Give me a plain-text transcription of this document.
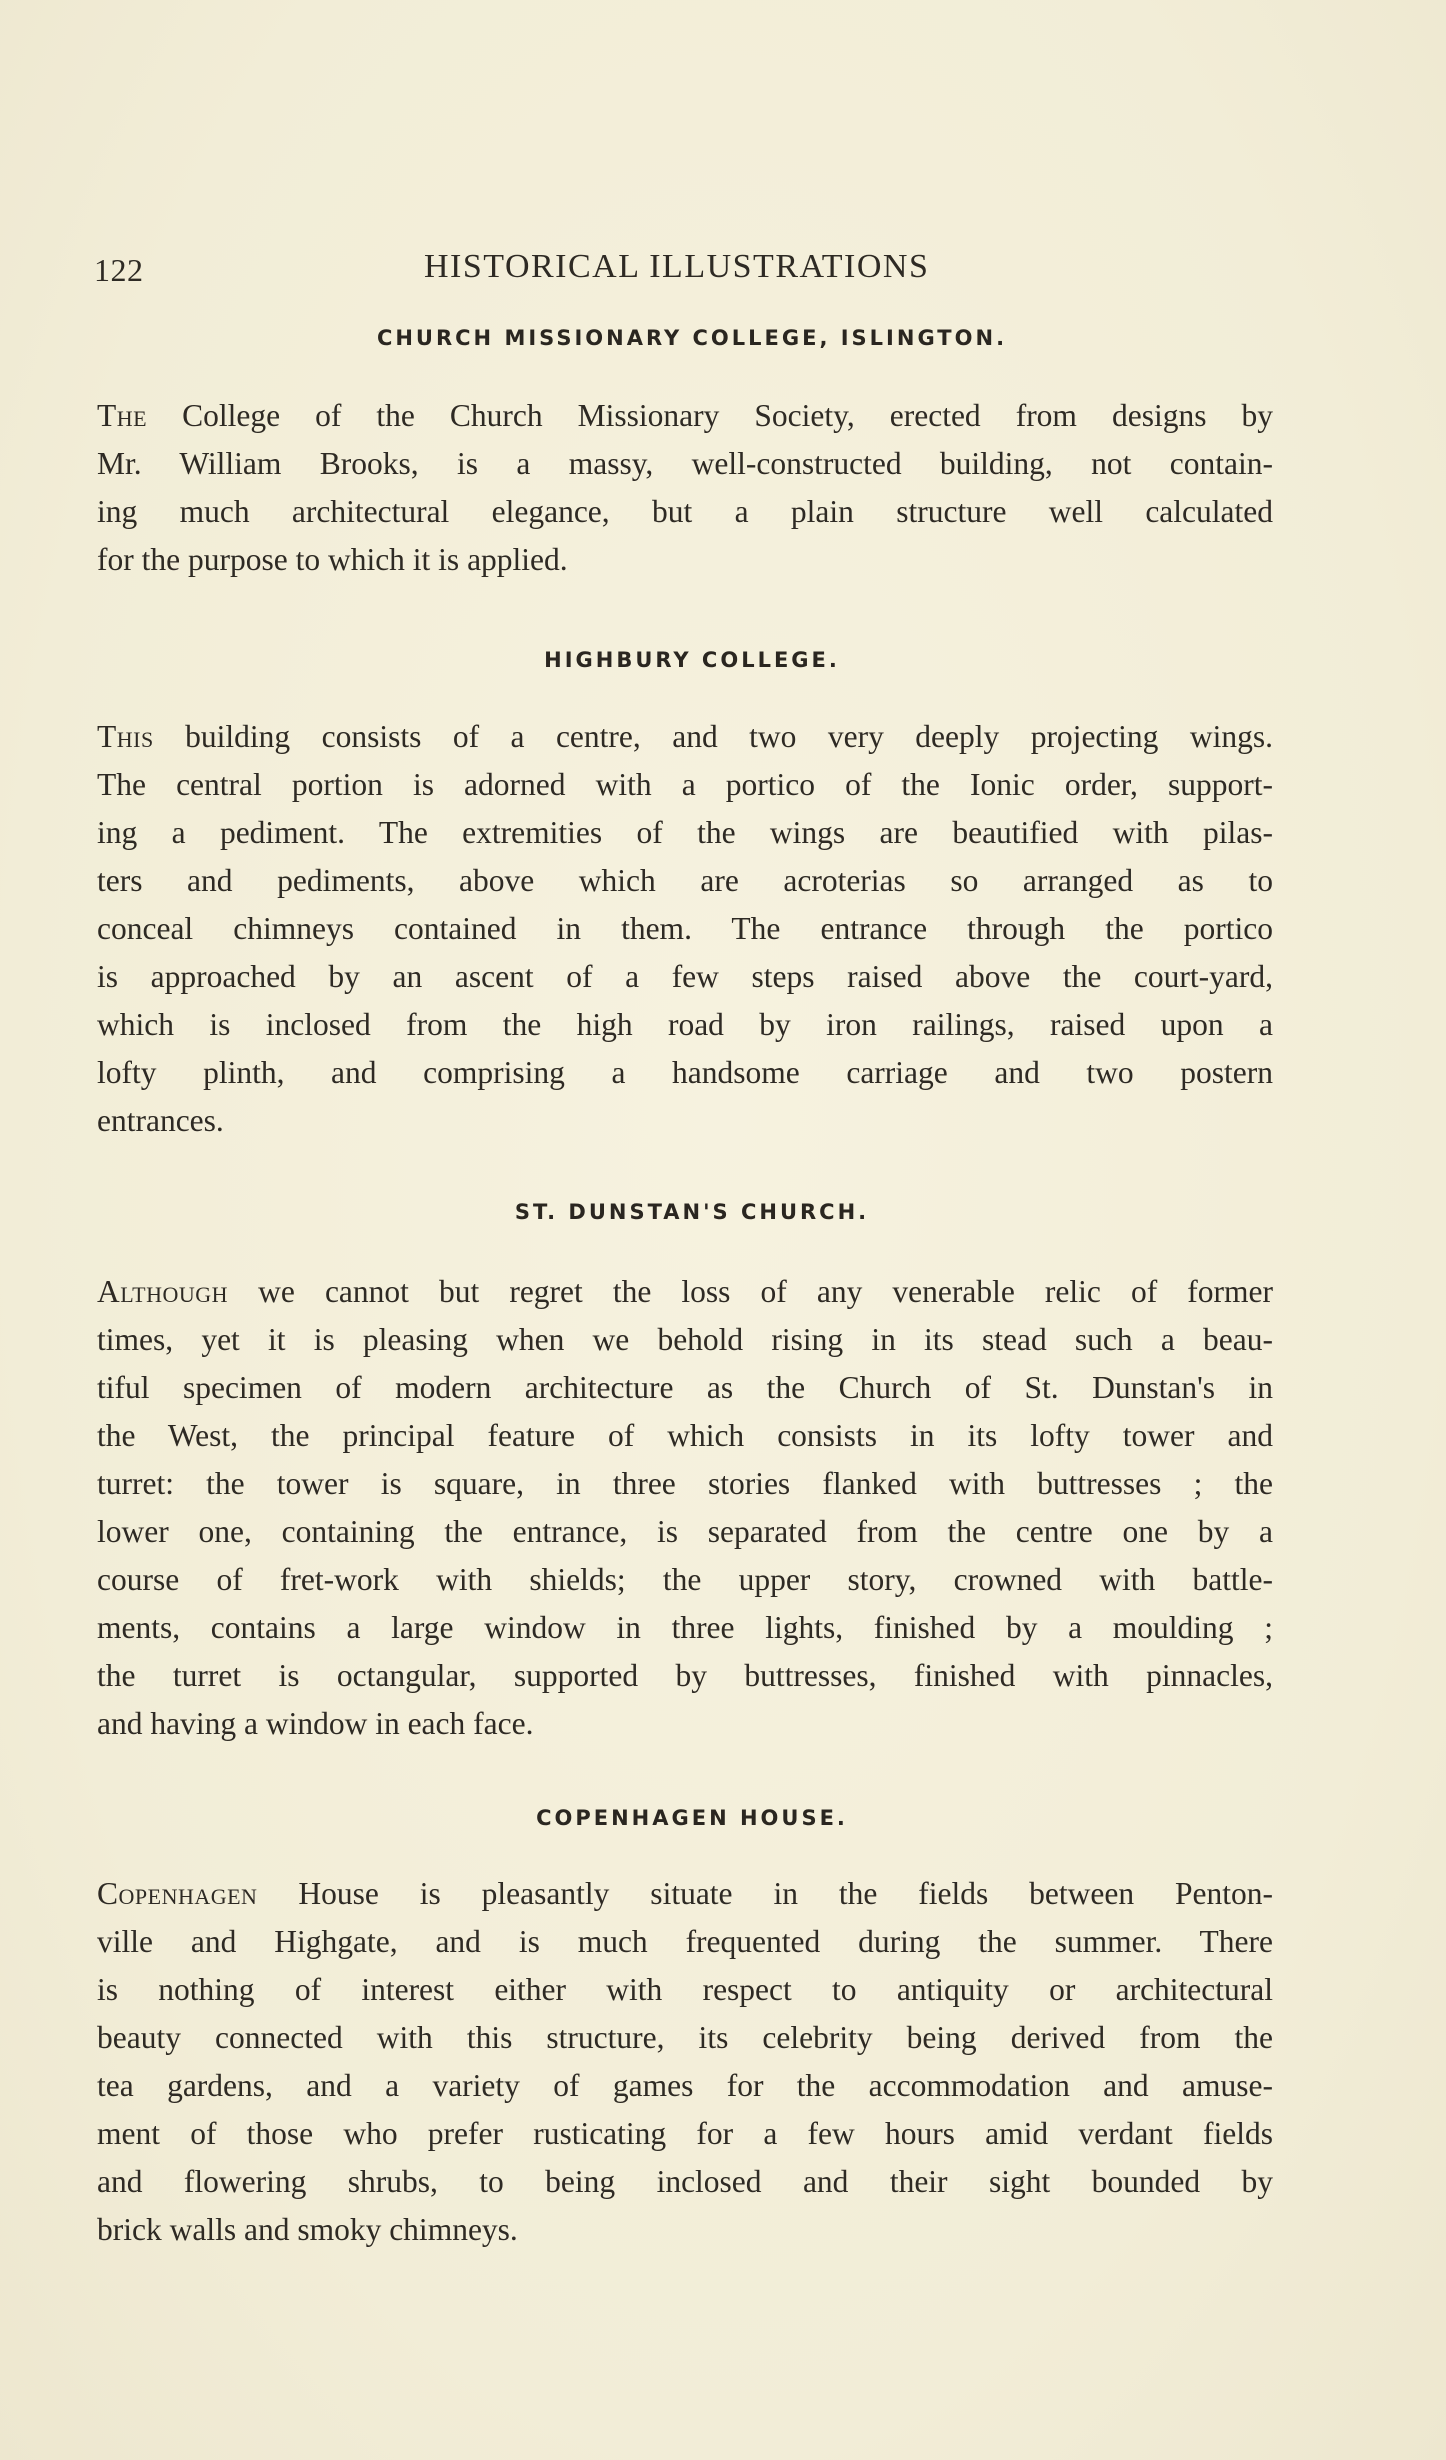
122	HISTORICAL ILLUSTRATIONS
CHURCH MISSIONARY COLLEGE, ISLINGTON.

The College of the Church Missionary Society, erected from designs by
Mr. William Brooks, is a massy, well-constructed building, not contain-
ing much architectural elegance, but a plain structure well calculated
for the purpose to which it is applied.

HIGHBURY COLLEGE.

This building consists of a centre, and two very deeply projecting wings.
The central portion is adorned with a portico of the Ionic order, support-
ing a pediment. The extremities of the wings are beautified with pilas-
ters and pediments, above which are acroterias so arranged as to
conceal chimneys contained in them. The entrance through the portico
is approached by an ascent of a few steps raised above the court-yard,
which is inclosed from the high road by iron railings, raised upon a
lofty plinth, and comprising a handsome carriage and two postern
entrances.

ST. DUNSTAN'S CHURCH.

Although we cannot but regret the loss of any venerable relic of former
times, yet it is pleasing when we behold rising in its stead such a beau-
tiful specimen of modern architecture as the Church of St. Dunstan's in
the West, the principal feature of which consists in its lofty tower and
turret: the tower is square, in three stories flanked with buttresses ; the
lower one, containing the entrance, is separated from the centre one by a
course of fret-work with shields; the upper story, crowned with battle-
ments, contains a large window in three lights, finished by a moulding ;
the turret is octangular, supported by buttresses, finished with pinnacles,
and having a window in each face.

COPENHAGEN HOUSE.

Copenhagen House is pleasantly situate in the fields between Penton-
ville and Highgate, and is much frequented during the summer. There
is nothing of interest either with respect to antiquity or architectural
beauty connected with this structure, its celebrity being derived from the
tea gardens, and a variety of games for the accommodation and amuse-
ment of those who prefer rusticating for a few hours amid verdant fields
and flowering shrubs, to being inclosed and their sight bounded by
brick walls and smoky chimneys.
